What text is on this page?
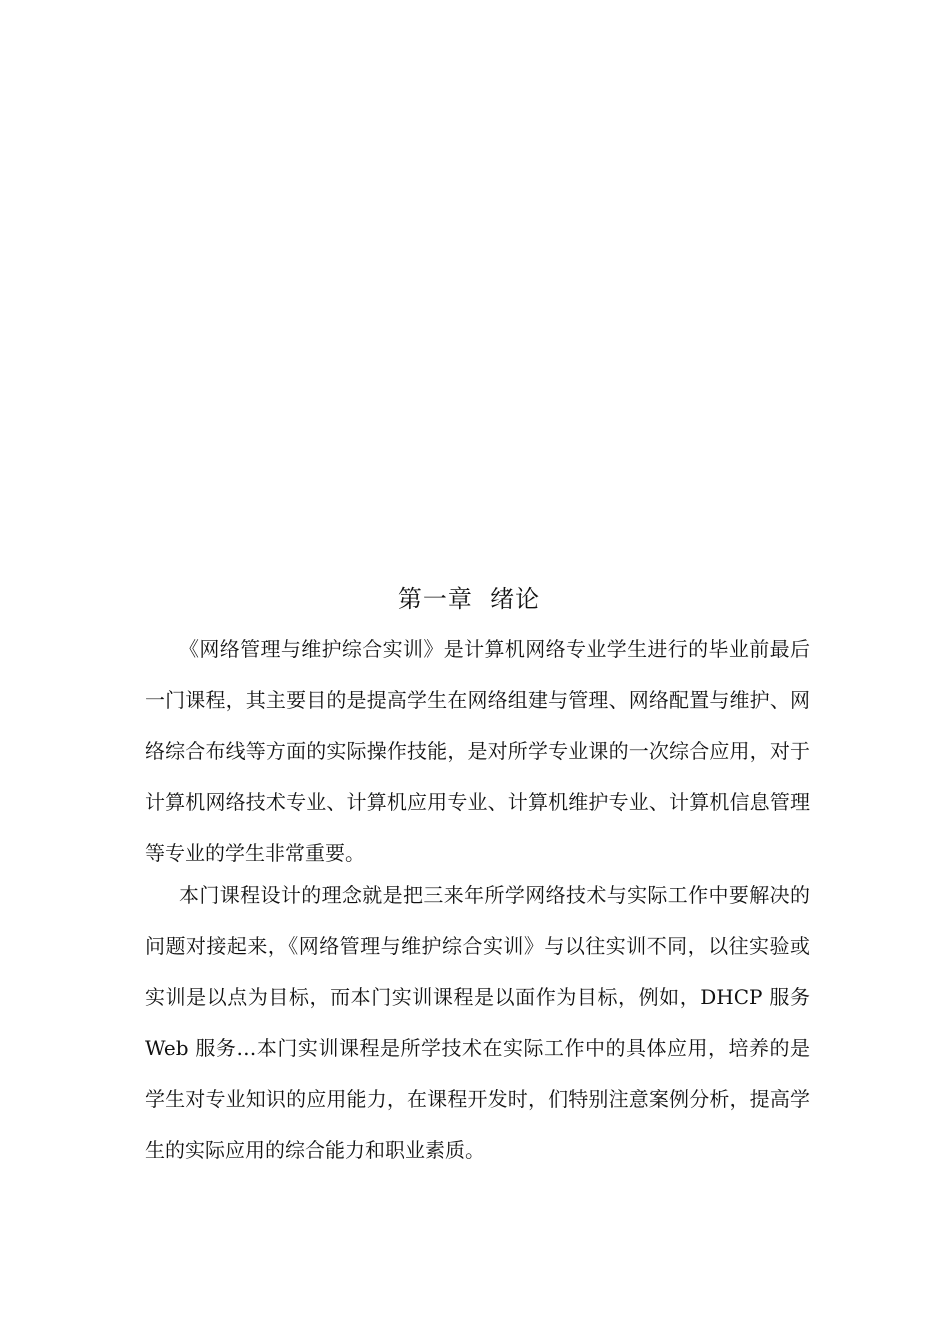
第一章  绪论

《网络管理与维护综合实训》是计算机网络专业学生进行的毕业前最后一门课程，其主要目的是提高学生在网络组建与管理、网络配置与维护、网络综合布线等方面的实际操作技能，是对所学专业课的一次综合应用，对于计算机网络技术专业、计算机应用专业、计算机维护专业、计算机信息管理等专业的学生非常重要。

本门课程设计的理念就是把三来年所学网络技术与实际工作中要解决的问题对接起来，《网络管理与维护综合实训》与以往实训不同，以往实验或实训是以点为目标，而本门实训课程是以面作为目标，例如，DHCP 服务 Web 服务…本门实训课程是所学技术在实际工作中的具体应用，培养的是学生对专业知识的应用能力，在课程开发时，们特别注意案例分析，提高学生的实际应用的综合能力和职业素质。
